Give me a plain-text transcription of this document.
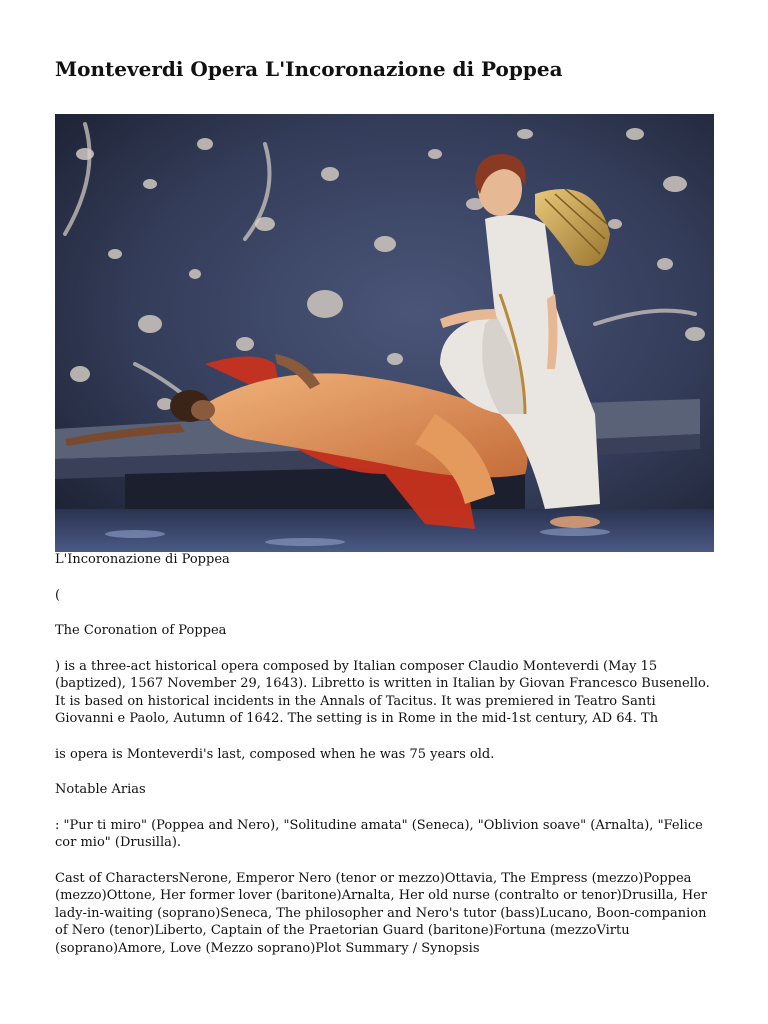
Monteverdi Opera L'Incoronazione di Poppea

L'Incoronazione di Poppea

(

The Coronation of Poppea

) is a three-act historical opera composed by Italian composer Claudio Monteverdi (May 15 (baptized), 1567 November 29, 1643). Libretto is written in Italian by Giovan Francesco Busenello. It is based on historical incidents in the Annals of Tacitus. It was premiered in Teatro Santi Giovanni e Paolo, Autumn of 1642. The setting is in Rome in the mid-1st century, AD 64. Th

is opera is Monteverdi's last, composed when he was 75 years old.

Notable Arias

: "Pur ti miro" (Poppea and Nero), "Solitudine amata" (Seneca), "Oblivion soave" (Arnalta), "Felice cor mio" (Drusilla).

Cast of CharactersNerone, Emperor Nero (tenor or mezzo)Ottavia, The Empress (mezzo)Poppea (mezzo)Ottone, Her former lover (baritone)Arnalta, Her old nurse (contralto or tenor)Drusilla, Her lady-in-waiting (soprano)Seneca, The philosopher and Nero's tutor (bass)Lucano, Boon-companion of Nero (tenor)Liberto, Captain of the Praetorian Guard (baritone)Fortuna (mezzoVirtu (soprano)Amore, Love (Mezzo soprano)Plot Summary / Synopsis
